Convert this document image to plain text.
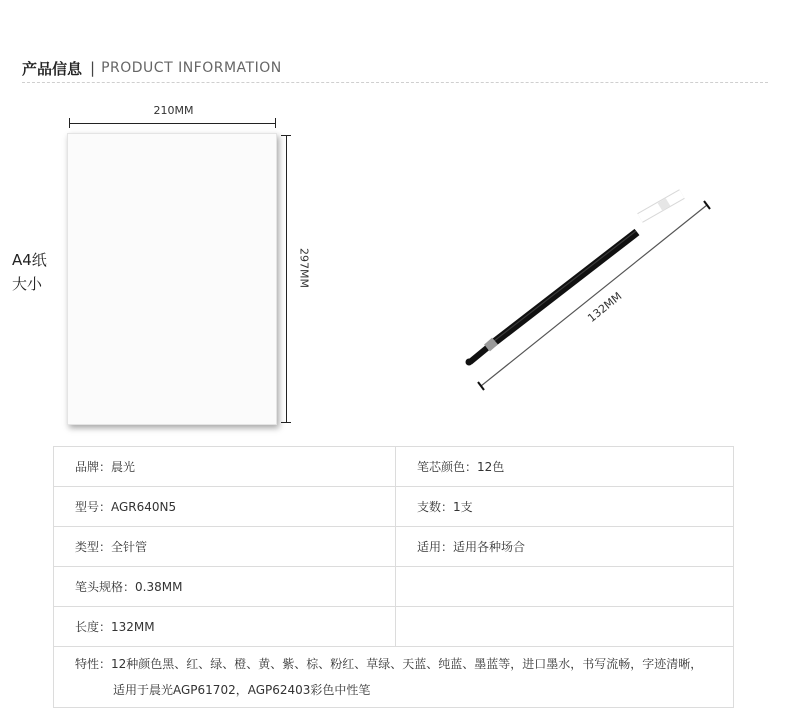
产品信息 | PRODUCT INFORMATION
210MM
297MM
A4纸
大小
132MM
品牌：晨光	笔芯颜色：12色
型号：AGR640N5	支数：1支
类型：全针管	适用：适用各种场合
笔头规格：0.38MM	
长度：132MM	
特性：12种颜色黑、红、绿、橙、黄、紫、棕、粉红、草绿、天蓝、纯蓝、墨蓝等，进口墨水，书写流畅，字迹清晰，
适用于晨光AGP61702，AGP62403彩色中性笔	
